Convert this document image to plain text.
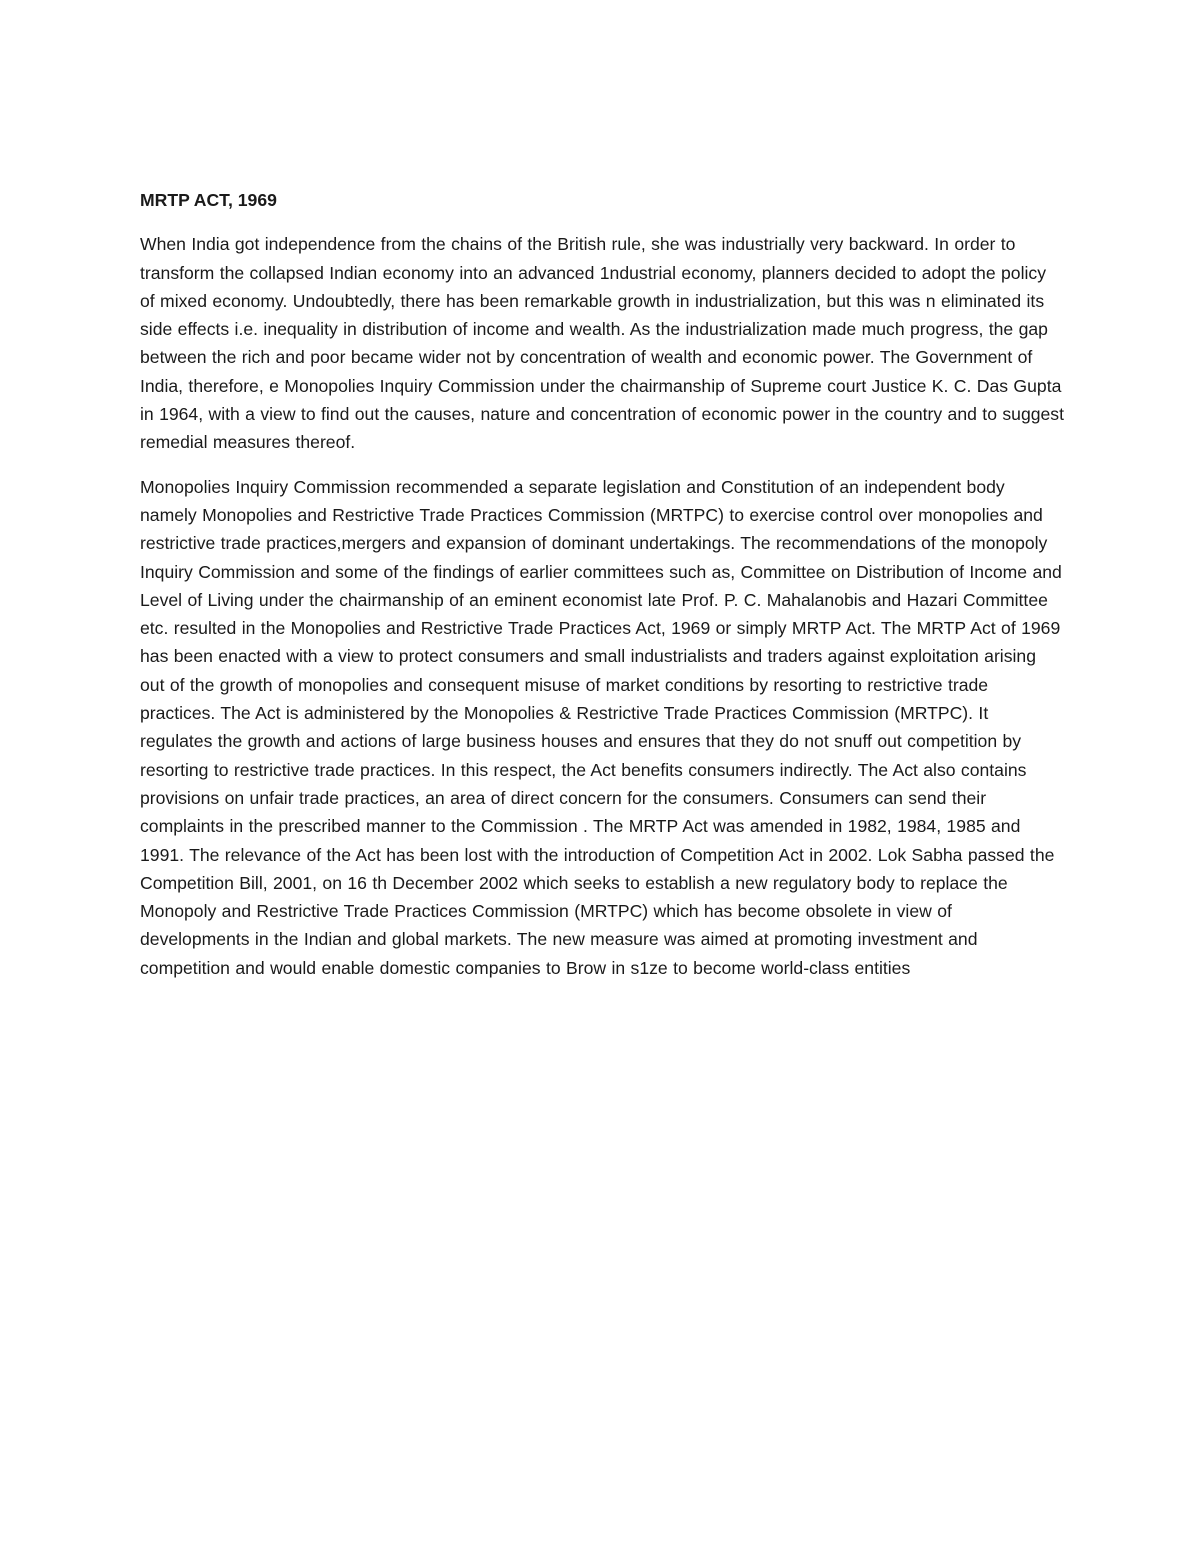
MRTP ACT, 1969

When India got independence from the chains of the British rule, she was industrially very backward. In order to transform the collapsed Indian economy into an advanced 1ndustrial economy, planners decided to adopt the policy of mixed economy. Undoubtedly, there has been remarkable growth in industrialization, but this was n eliminated its side effects i.e. inequality in distribution of income and wealth. As the industrialization made much progress, the gap between the rich and poor became wider not by concentration of wealth and economic power. The Government of India, therefore, e Monopolies Inquiry Commission under the chairmanship of Supreme court Justice K. C. Das Gupta in 1964, with a view to find out the causes, nature and concentration of economic power in the country and to suggest remedial measures thereof.

Monopolies Inquiry Commission recommended a separate legislation and Constitution of an independent body namely Monopolies and Restrictive Trade Practices Commission (MRTPC) to exercise control over monopolies and restrictive trade practices,mergers and expansion of dominant undertakings. The recommendations of the monopoly Inquiry Commission and some of the findings of earlier committees such as, Committee on Distribution of Income and Level of Living under the chairmanship of an eminent economist late Prof. P. C. Mahalanobis and Hazari Committee etc. resulted in the Monopolies and Restrictive Trade Practices Act, 1969 or simply MRTP Act. The MRTP Act of 1969 has been enacted with a view to protect consumers and small industrialists and traders against exploitation arising out of the growth of monopolies and consequent misuse of market conditions by resorting to restrictive trade practices. The Act is administered by the Monopolies & Restrictive Trade Practices Commission (MRTPC). It regulates the growth and actions of large business houses and ensures that they do not snuff out competition by resorting to restrictive trade practices. In this respect, the Act benefits consumers indirectly. The Act also contains provisions on unfair trade practices, an area of direct concern for the consumers. Consumers can send their complaints in the prescribed manner to the Commission . The MRTP Act was amended in 1982, 1984, 1985 and 1991. The relevance of the Act has been lost with the introduction of Competition Act in 2002. Lok Sabha passed the Competition Bill, 2001, on 16 th December 2002 which seeks to establish a new regulatory body to replace the Monopoly and Restrictive Trade Practices Commission (MRTPC) which has become obsolete in view of developments in the Indian and global markets. The new measure was aimed at promoting investment and competition and would enable domestic companies to Brow in s1ze to become world-class entities
